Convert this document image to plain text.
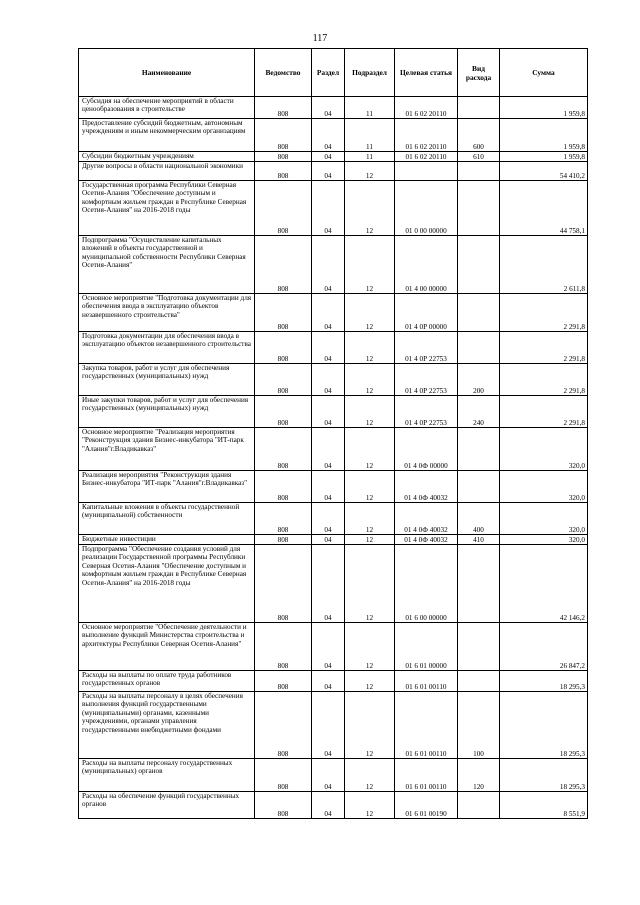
117
Наименование	Ведомство	Раздел	Подраздел	Целевая статья	Вид расхода	Сумма
Субсидия на обеспечение мероприятий в области ценообразования в строительстве	808	04	11	01 6 02 20110		1 959,8
Предоставление субсидий бюджетным, автономным учреждениям и иным некоммерческим организациям	808	04	11	01 6 02 20110	600	1 959,8
Субсидии бюджетным учреждениям	808	04	11	01 6 02 20110	610	1 959,8
Другие вопросы в области национальной экономики	808	04	12			54 410,2
Государственная программа Республики Северная Осетия-Алания "Обеспечение доступным и комфортным жильем граждан в Республике Северная Осетия-Алания" на 2016-2018 годы	808	04	12	01 0 00 00000		44 758,1
Подпрограмма "Осуществление капитальных вложений в объекты государственной и муниципальной собственности Республики Северная Осетия-Алания"	808	04	12	01 4 00 00000		2 611,8
Основное мероприятие "Подготовка документации для обеспечения ввода в эксплуатацию объектов незавершенного строительства"	808	04	12	01 4 0Р 00000		2 291,8
Подготовка документации для обеспечения ввода в эксплуатацию объектов незавершенного строительства	808	04	12	01 4 0Р 22753		2 291,8
Закупка товаров, работ и услуг для обеспечения государственных (муниципальных) нужд	808	04	12	01 4 0Р 22753	200	2 291,8
Иные закупки товаров, работ и услуг для обеспечения государственных (муниципальных) нужд	808	04	12	01 4 0Р 22753	240	2 291,8
Основное мероприятие "Реализация мероприятия "Реконструкция здания Бизнес-инкубатора "ИТ-парк "Алания"г.Владикавказ"	808	04	12	01 4 0Ф 00000		320,0
Реализация мероприятия "Реконструкция здания Бизнес-инкубатора "ИТ-парк "Алания"г.Владикавказ"	808	04	12	01 4 0Ф 40032		320,0
Капитальные вложения в объекты государственной (муниципальной) собственности	808	04	12	01 4 0Ф 40032	400	320,0
Бюджетные инвестиции	808	04	12	01 4 0Ф 40032	410	320,0
Подпрограмма "Обеспечение создания условий для реализации Государственной программы Республики Северная Осетия-Алания "Обеспечение доступным и комфортным жильем граждан в Республике Северная Осетия-Алания" на 2016-2018 годы	808	04	12	01 6 00 00000		42 146,2
Основное мероприятие "Обеспечение деятельности и выполнение функций Министерства строительства и архитектуры Республики Северная Осетия-Алания"	808	04	12	01 6 01 00000		26 847,2
Расходы на выплаты по оплате труда работников государственных органов	808	04	12	01 6 01 00110		18 295,3
Расходы на выплаты персоналу в целях обеспечения выполнения функций государственными (муниципальными) органами, казенными учреждениями, органами управления государственными внебюджетными фондами	808	04	12	01 6 01 00110	100	18 295,3
Расходы на выплаты персоналу государственных (муниципальных) органов	808	04	12	01 6 01 00110	120	18 295,3
Расходы на обеспечение функций государственных органов	808	04	12	01 6 01 00190		8 551,9
